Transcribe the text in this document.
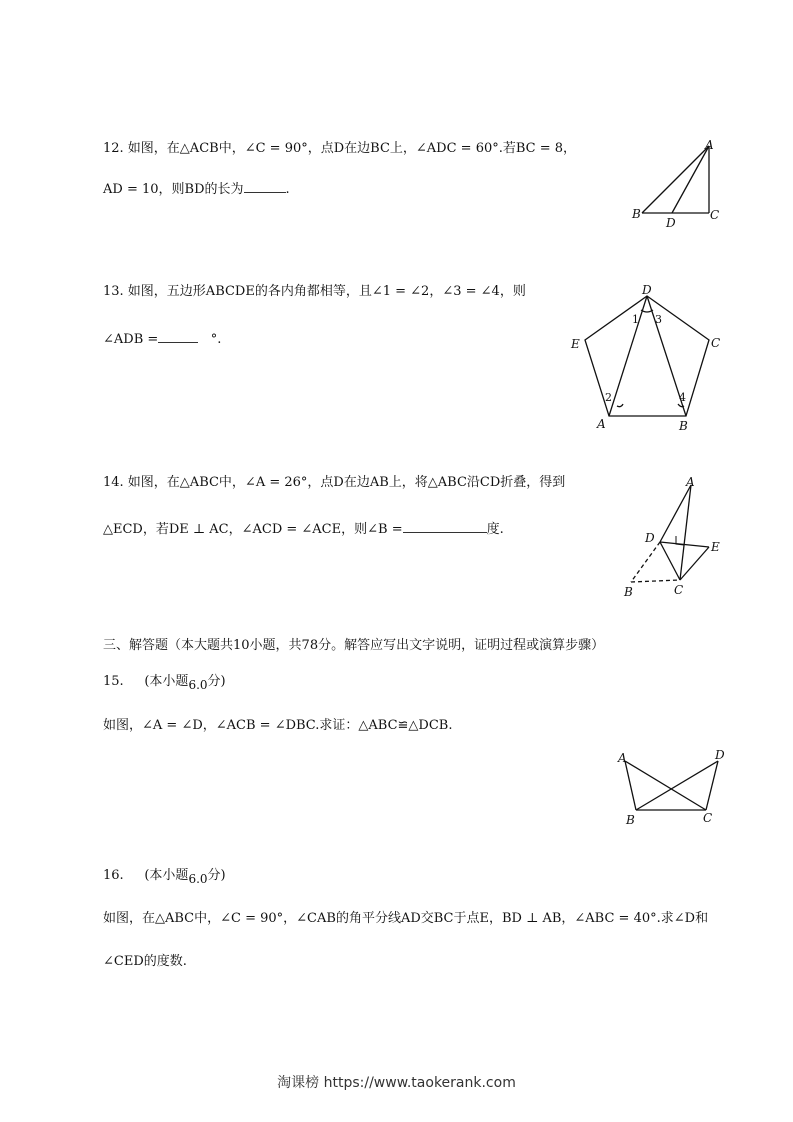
12. 如图，在△ACB中，∠C = 90°，点D在边BC上，∠ADC = 60°.若BC = 8，
AD = 10，则BD的长为	.
A
B	C
D
13. 如图，五边形ABCDE的各内角都相等，且∠1 = ∠2，∠3 = ∠4，则
∠ADB =	°.
D
C
E
A	B
1 3
2	4
14. 如图，在△ABC中，∠A = 26°，点D在边AB上，将△ABC沿CD折叠，得到
△ECD，若DE ⊥ AC，∠ACD = ∠ACE，则∠B =	度.
A
D
E
B	C
三、解答题（本大题共10小题，共78分。解答应写出文字说明，证明过程或演算步骤）
15. (本小题6.0分)
如图，∠A = ∠D，∠ACB = ∠DBC.求证：△ABC≌△DCB.
A	D
B	C
16. (本小题6.0分)
如图，在△ABC中，∠C = 90°，∠CAB的角平分线AD交BC于点E，BD ⊥ AB，∠ABC = 40°.求∠D和
∠CED的度数.
淘课榜 https://www.taokerank.com
